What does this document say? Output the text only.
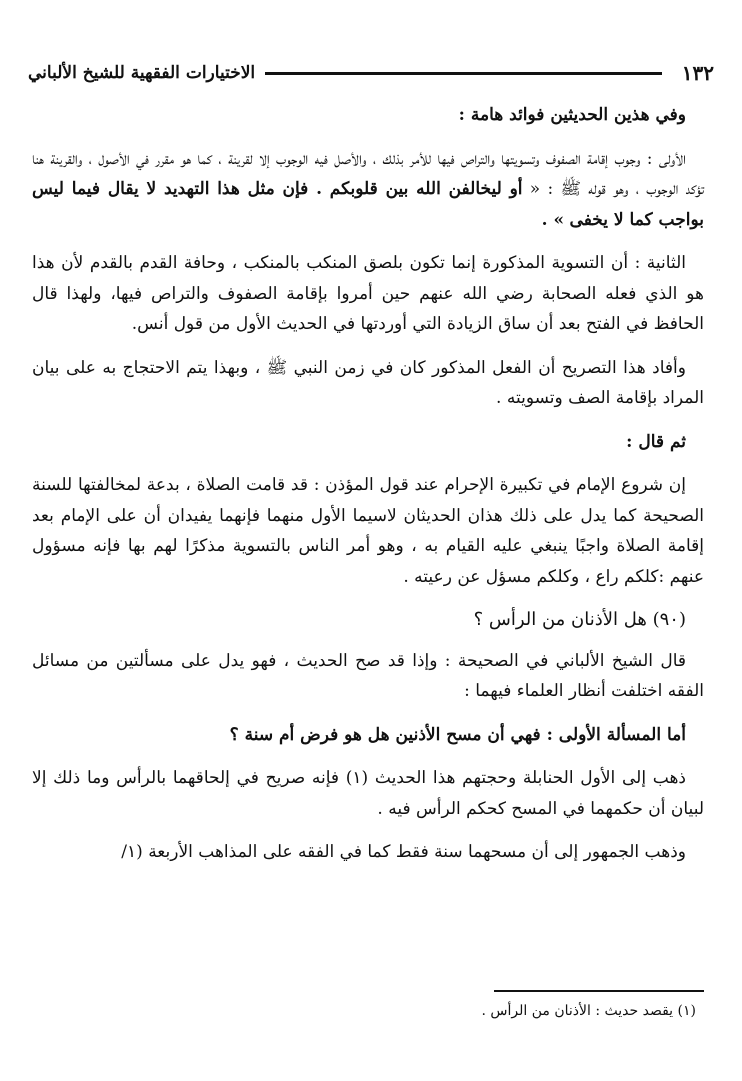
١٣٢
الاختيارات الفقهية للشيخ الألباني

وفي هذين الحديثين فوائد هامة :

الأولى : وجوب إقامة الصفوف وتسويتها والتراص فيها للأمر بذلك ، والأصل فيه الوجوب إلا لقرينة ، كما هو مقرر في الأصول ، والقرينة هنا تؤكد الوجوب ، وهو قوله ﷺ : « أو ليخالفن الله بين قلوبكم . فإن مثل هذا التهديد لا يقال فيما ليس بواجب كما لا يخفى » .

الثانية : أن التسوية المذكورة إنما تكون بلصق المنكب بالمنكب ، وحافة القدم بالقدم لأن هذا هو الذي فعله الصحابة رضي الله عنهم حين أمروا بإقامة الصفوف والتراص فيها، ولهذا قال الحافظ في الفتح بعد أن ساق الزيادة التي أوردتها في الحديث الأول من قول أنس.

وأفاد هذا التصريح أن الفعل المذكور كان في زمن النبي ﷺ ، وبهذا يتم الاحتجاج به على بيان المراد بإقامة الصف وتسويته .

ثم قال :

إن شروع الإمام في تكبيرة الإحرام عند قول المؤذن : قد قامت الصلاة ، بدعة لمخالفتها للسنة الصحيحة كما يدل على ذلك هذان الحديثان لاسيما الأول منهما فإنهما يفيدان أن على الإمام بعد إقامة الصلاة واجبًا ينبغي عليه القيام به ، وهو أمر الناس بالتسوية مذكرًا لهم بها فإنه مسؤول عنهم :كلكم راع ، وكلكم مسؤل عن رعيته .

(٩٠) هل الأذنان من الرأس ؟

قال الشيخ الألباني في الصحيحة : وإذا قد صح الحديث ، فهو يدل على مسألتين من مسائل الفقه اختلفت أنظار العلماء فيهما :

أما المسألة الأولى : فهي أن مسح الأذنين هل هو فرض أم سنة ؟

ذهب إلى الأول الحنابلة وحجتهم هذا الحديث (١) فإنه صريح في إلحاقهما بالرأس وما ذلك إلا لبيان أن حكمهما في المسح كحكم الرأس فيه .

وذهب الجمهور إلى أن مسحهما سنة فقط كما في الفقه على المذاهب الأربعة (١/

(١) يقصد حديث : الأذنان من الرأس .
